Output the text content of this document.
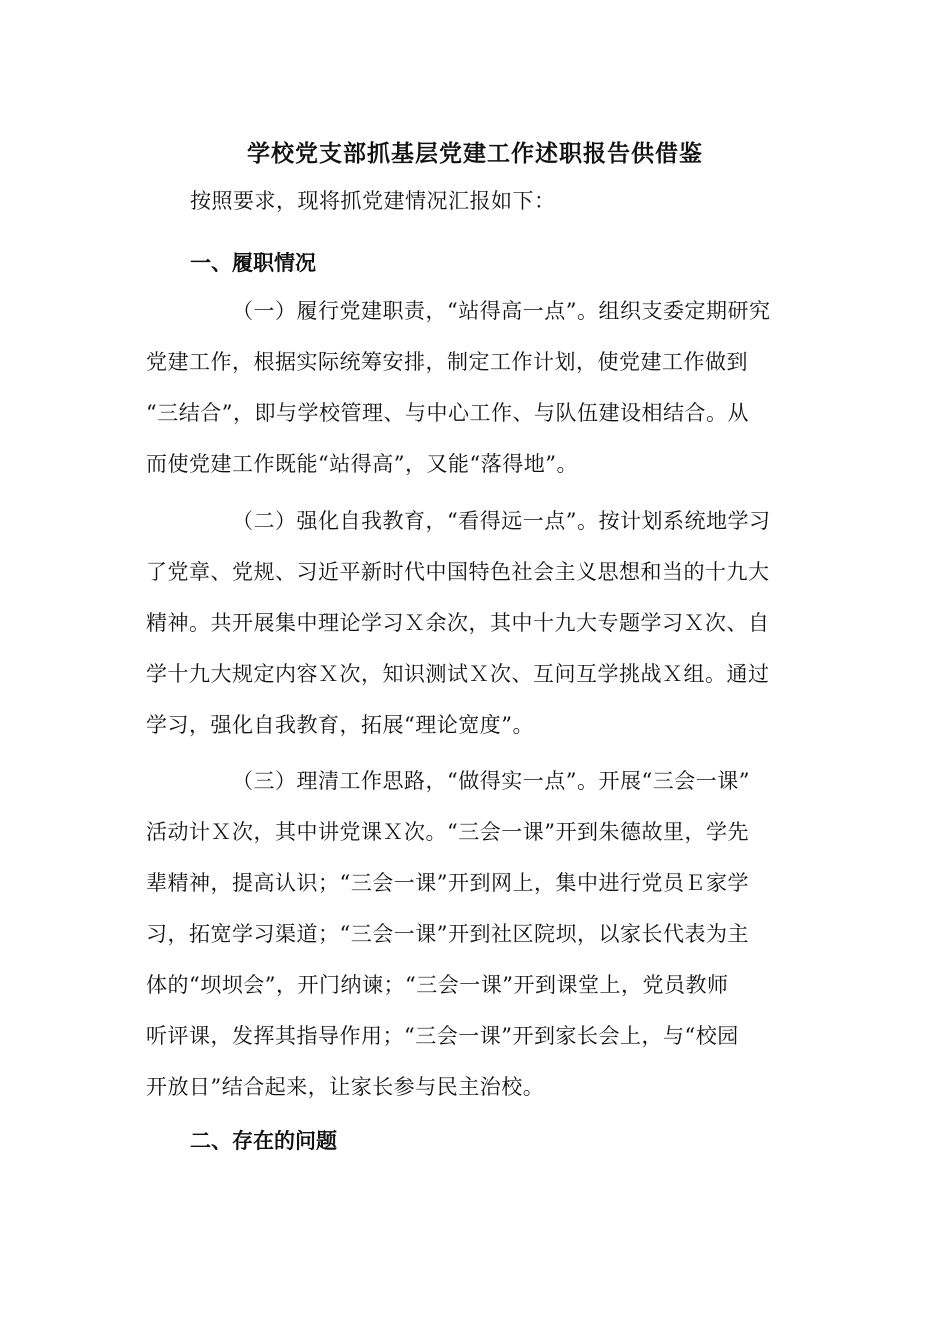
学校党支部抓基层党建工作述职报告供借鉴
按照要求，现将抓党建情况汇报如下：
一、履职情况
（一）履行党建职责，“站得高一点”。组织支委定期研究
党建工作，根据实际统筹安排，制定工作计划，使党建工作做到
“三结合”，即与学校管理、与中心工作、与队伍建设相结合。从
而使党建工作既能“站得高”，又能“落得地”。
（二）强化自我教育，“看得远一点”。按计划系统地学习
了党章、党规、习近平新时代中国特色社会主义思想和当的十九大
精神。共开展集中理论学习Ｘ余次，其中十九大专题学习Ｘ次、自
学十九大规定内容Ｘ次，知识测试Ｘ次、互问互学挑战Ｘ组。通过
学习，强化自我教育，拓展“理论宽度”。
（三）理清工作思路，“做得实一点”。开展“三会一课”
活动计Ｘ次，其中讲党课Ｘ次。“三会一课”开到朱德故里，学先
辈精神，提高认识；“三会一课”开到网上，集中进行党员Ｅ家学
习，拓宽学习渠道；“三会一课”开到社区院坝，以家长代表为主
体的“坝坝会”，开门纳谏；“三会一课”开到课堂上，党员教师
听评课，发挥其指导作用；“三会一课”开到家长会上，与“校园
开放日”结合起来，让家长参与民主治校。
二、存在的问题
